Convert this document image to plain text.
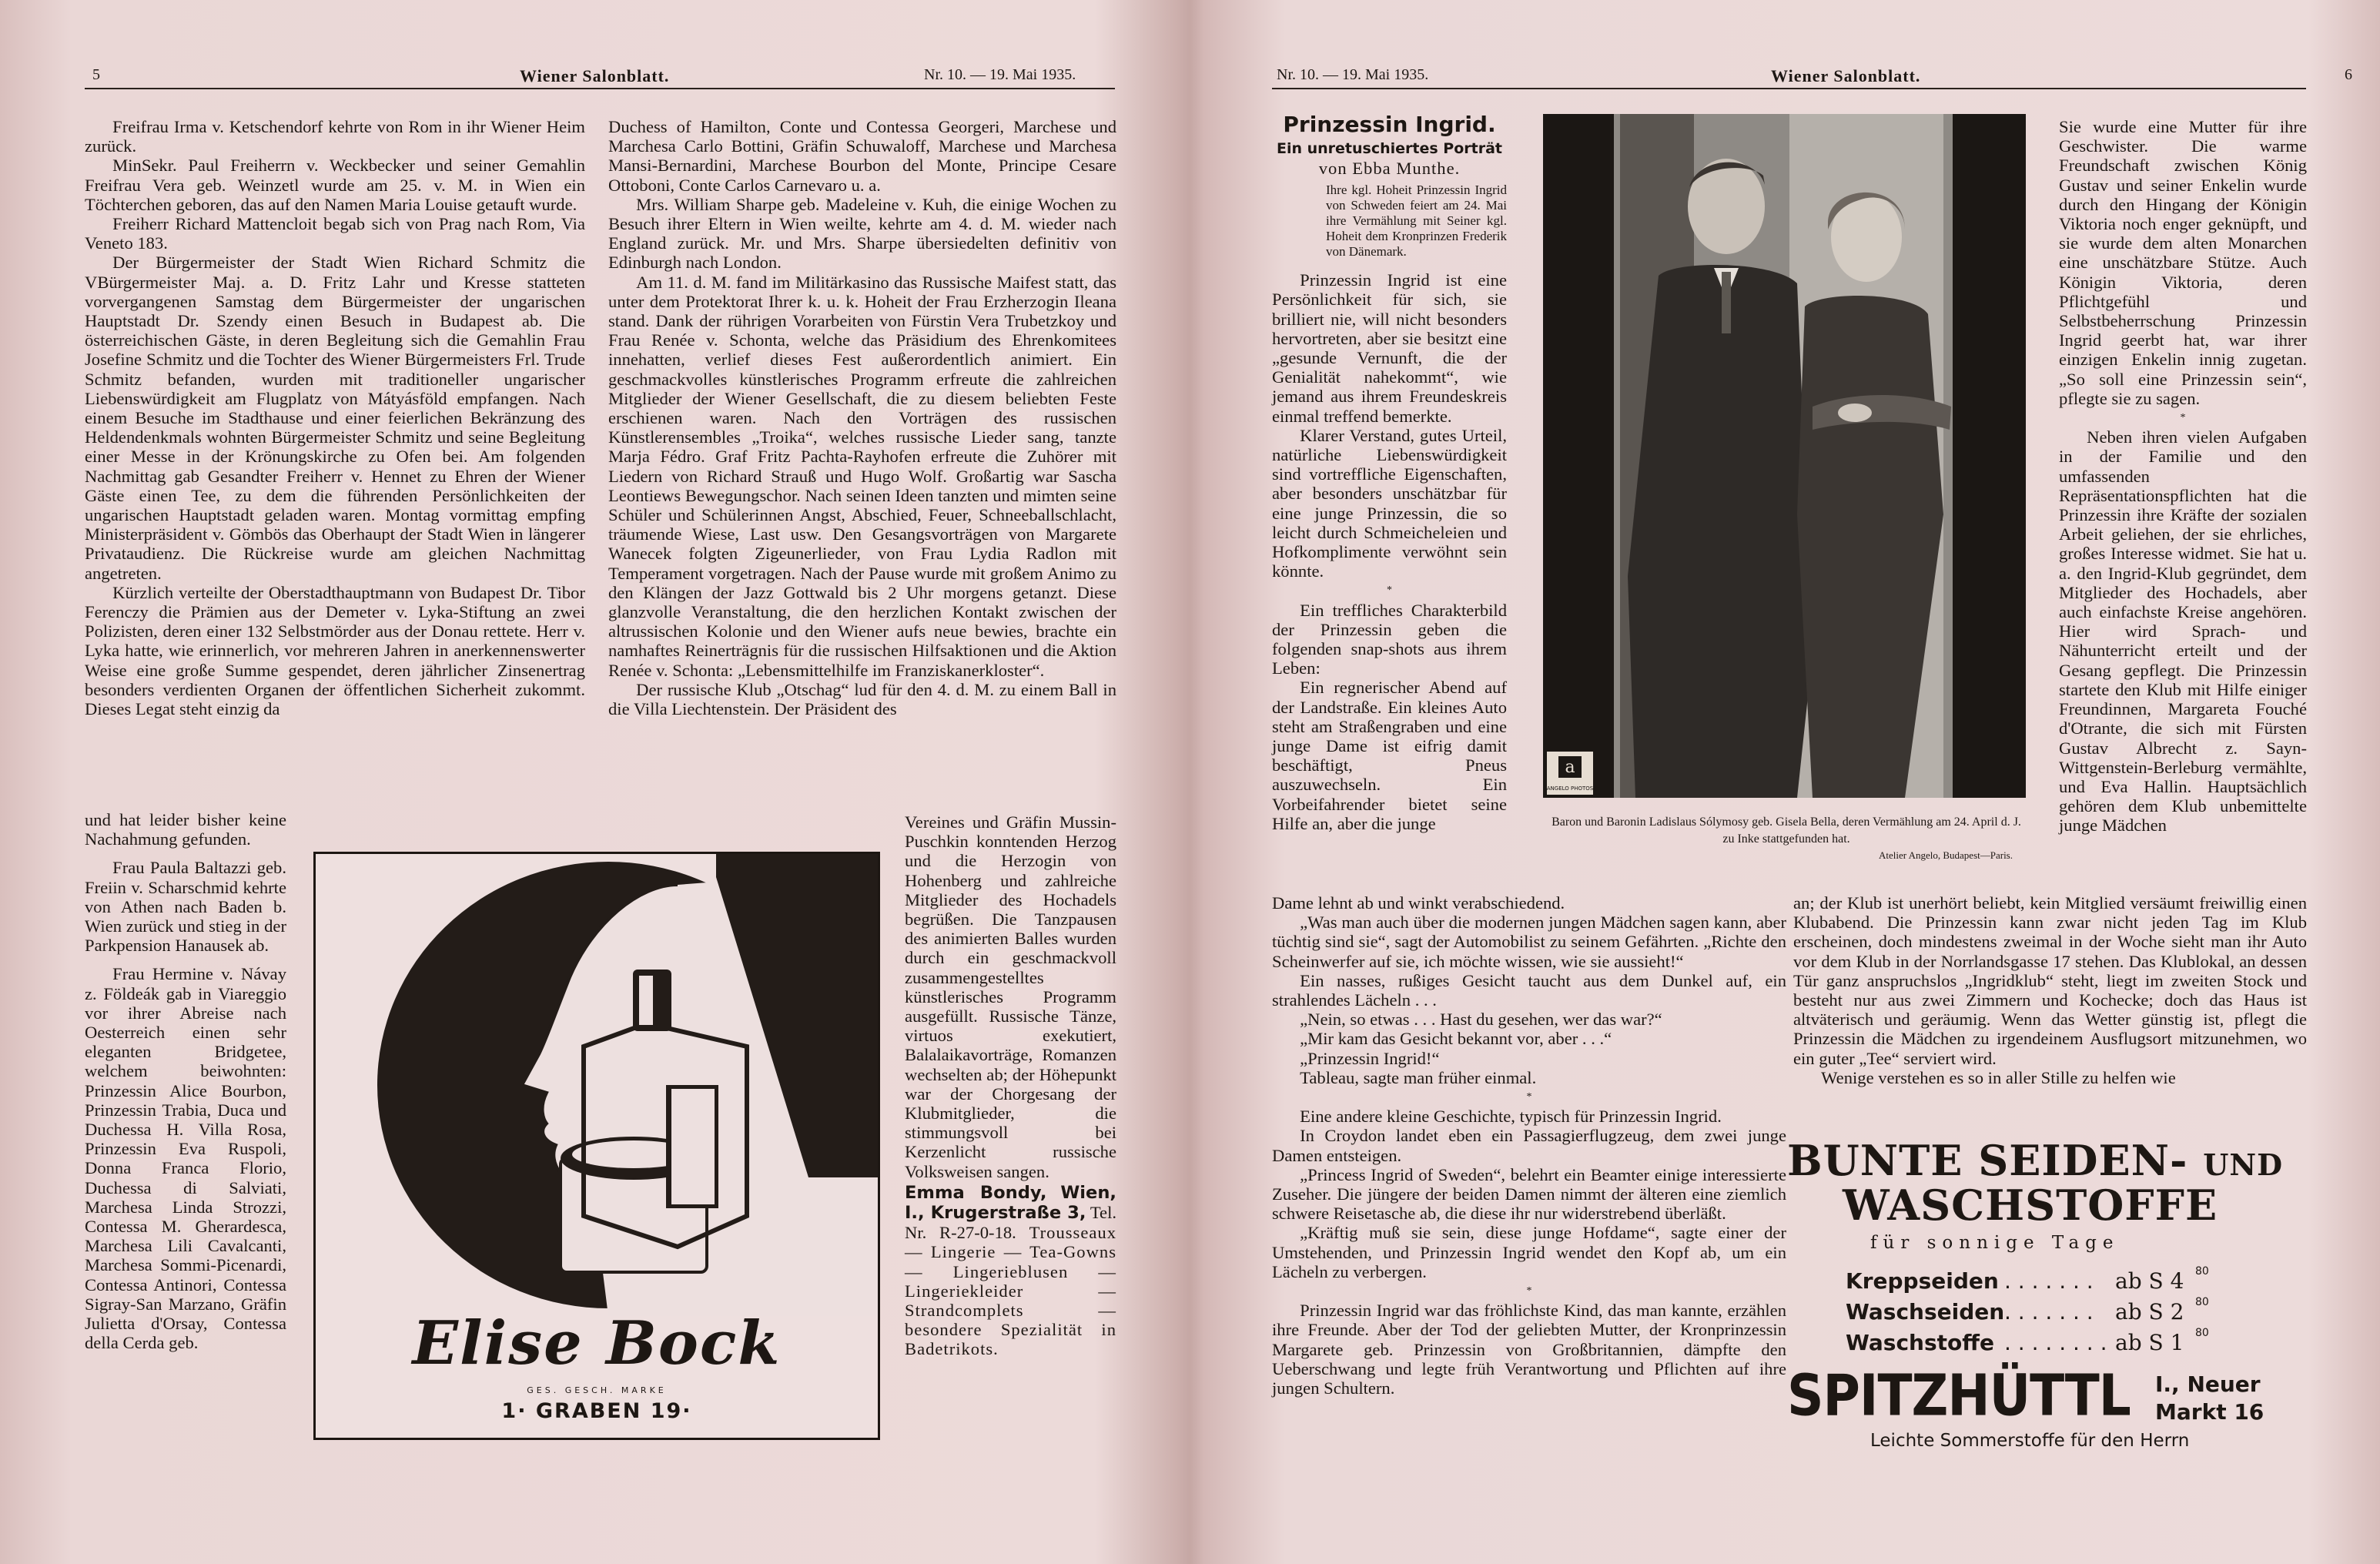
5	Wiener Salonblatt.	Nr. 10. — 19. Mai 1935.

Freifrau Irma v. Ketschendorf kehrte von Rom in ihr Wiener Heim zurück.

MinSekr. Paul Freiherrn v. Weckbecker und seiner Gemahlin Freifrau Vera geb. Weinzetl wurde am 25. v. M. in Wien ein Töchterchen geboren, das auf den Namen Maria Louise getauft wurde.

Freiherr Richard Mattencloit begab sich von Prag nach Rom, Via Veneto 183.

Der Bürgermeister der Stadt Wien Richard Schmitz die VBürgermeister Maj. a. D. Fritz Lahr und Kresse statteten vorvergangenen Samstag dem Bürgermeister der ungarischen Hauptstadt Dr. Szendy einen Besuch in Budapest ab. Die österreichischen Gäste, in deren Begleitung sich die Gemahlin Frau Josefine Schmitz und die Tochter des Wiener Bürgermeisters Frl. Trude Schmitz befanden, wurden mit traditioneller ungarischer Liebenswürdigkeit am Flugplatz von Mátyásföld empfangen. Nach einem Besuche im Stadthause und einer feierlichen Bekränzung des Heldendenkmals wohnten Bürgermeister Schmitz und seine Begleitung einer Messe in der Krönungskirche zu Ofen bei. Am folgenden Nachmittag gab Gesandter Freiherr v. Hennet zu Ehren der Wiener Gäste einen Tee, zu dem die führenden Persönlichkeiten der ungarischen Hauptstadt geladen waren. Montag vormittag empfing Ministerpräsident v. Gömbös das Oberhaupt der Stadt Wien in längerer Privataudienz. Die Rückreise wurde am gleichen Nachmittag angetreten.

Kürzlich verteilte der Oberstadthauptmann von Budapest Dr. Tibor Ferenczy die Prämien aus der Demeter v. Lyka-Stiftung an zwei Polizisten, deren einer 132 Selbstmörder aus der Donau rettete. Herr v. Lyka hatte, wie erinnerlich, vor mehreren Jahren in anerkennenswerter Weise eine große Summe gespendet, deren jährlicher Zinsenertrag besonders verdienten Organen der öffentlichen Sicherheit zukommt. Dieses Legat steht einzig da

und hat leider bisher keine Nachahmung gefunden.

Frau Paula Baltazzi geb. Freiin v. Scharschmid kehrte von Athen nach Baden b. Wien zurück und stieg in der Parkpension Hanausek ab.

Frau Hermine v. Návay z. Földeák gab in Viareggio vor ihrer Abreise nach Oesterreich einen sehr eleganten Bridgetee, welchem beiwohnten: Prinzessin Alice Bourbon, Prinzessin Trabia, Duca und Duchessa H. Villa Rosa, Prinzessin Eva Ruspoli, Donna Franca Florio, Duchessa di Salviati, Marchesa Linda Strozzi, Contessa M. Gherardesca, Marchesa Lili Cavalcanti, Marchesa Sommi-Picenardi, Contessa Antinori, Contessa Sigray-San Marzano, Gräfin Julietta d'Orsay, Contessa della Cerda geb.

Duchess of Hamilton, Conte und Contessa Georgeri, Marchese und Marchesa Carlo Bottini, Gräfin Schuwaloff, Marchese und Marchesa Mansi-Bernardini, Marchese Bourbon del Monte, Principe Cesare Ottoboni, Conte Carlos Carnevaro u. a.

Mrs. William Sharpe geb. Madeleine v. Kuh, die einige Wochen zu Besuch ihrer Eltern in Wien weilte, kehrte am 4. d. M. wieder nach England zurück. Mr. und Mrs. Sharpe übersiedelten definitiv von Edinburgh nach London.

Am 11. d. M. fand im Militärkasino das Russische Maifest statt, das unter dem Protektorat Ihrer k. u. k. Hoheit der Frau Erzherzogin Ileana stand. Dank der rührigen Vorarbeiten von Fürstin Vera Trubetzkoy und Frau Renée v. Schonta, welche das Präsidium des Ehrenkomitees innehatten, verlief dieses Fest außerordentlich animiert. Ein geschmackvolles künstlerisches Programm erfreute die zahlreichen Mitglieder der Wiener Gesellschaft, die zu diesem beliebten Feste erschienen waren. Nach den Vorträgen des russischen Künstlerensembles „Troika“, welches russische Lieder sang, tanzte Marja Fédro. Graf Fritz Pachta-Rayhofen erfreute die Zuhörer mit Liedern von Richard Strauß und Hugo Wolf. Großartig war Sascha Leontiews Bewegungschor. Nach seinen Ideen tanzten und mimten seine Schüler und Schülerinnen Angst, Abschied, Feuer, Schneeballschlacht, träumende Wiese, Last usw. Den Gesangsvorträgen von Margarete Wanecek folgten Zigeunerlieder, von Frau Lydia Radlon mit Temperament vorgetragen. Nach der Pause wurde mit großem Animo zu den Klängen der Jazz Gottwald bis 2 Uhr morgens getanzt. Diese glanzvolle Veranstaltung, die den herzlichen Kontakt zwischen der altrussischen Kolonie und den Wiener aufs neue bewies, brachte ein namhaftes Reinerträgnis für die russischen Hilfsaktionen und die Aktion Renée v. Schonta: „Lebensmittelhilfe im Franziskanerkloster“.

Der russische Klub „Otschag“ lud für den 4. d. M. zu einem Ball in die Villa Liechtenstein. Der Präsident des

Vereines und Gräfin Mussin-Puschkin konntenden Herzog und die Herzogin von Hohenberg und zahlreiche Mitglieder des Hochadels begrüßen. Die Tanzpausen des animierten Balles wurden durch ein geschmackvoll zusammengestelltes künstlerisches Programm ausgefüllt. Russische Tänze, virtuos exekutiert, Balalaikavorträge, Romanzen wechselten ab; der Höhepunkt war der Chorgesang der Klubmitglieder, die stimmungsvoll bei Kerzenlicht russische Volksweisen sangen.

Emma Bondy, Wien, I., Krugerstraße 3, Tel. Nr. R-27-0-18. Trousseaux — Lingerie — Tea-Gowns — Lingerieblusen — Lingeriekleider — Strandcomplets — besondere Spezialität in Badetrikots.

GRUE
Elise Bock
GES. GESCH. MARKE
1· GRABEN 19·
Nr. 10. — 19. Mai 1935.	Wiener Salonblatt.	6
Prinzessin Ingrid.
Ein unretuschiertes Porträt
von Ebba Munthe.
Ihre kgl. Hoheit Prinzessin Ingrid von Schweden feiert am 24. Mai ihre Vermählung mit Seiner kgl. Hoheit dem Kronprinzen Frederik von Dänemark.

Prinzessin Ingrid ist eine Persönlichkeit für sich, sie brilliert nie, will nicht besonders hervortreten, aber sie besitzt eine „gesunde Vernunft, die der Genialität nahekommt“, wie jemand aus ihrem Freundeskreis einmal treffend bemerkte.

Klarer Verstand, gutes Urteil, natürliche Liebenswürdigkeit sind vortreffliche Eigenschaften, aber besonders unschätzbar für eine junge Prinzessin, die so leicht durch Schmeicheleien und Hofkomplimente verwöhnt sein könnte.

*

Ein treffliches Charakterbild der Prinzessin geben die folgenden snap-shots aus ihrem Leben:

Ein regnerischer Abend auf der Landstraße. Ein kleines Auto steht am Straßengraben und eine junge Dame ist eifrig damit beschäftigt, Pneus auszuwechseln. Ein Vorbeifahrender bietet seine Hilfe an, aber die junge

Dame lehnt ab und winkt verabschiedend.

„Was man auch über die modernen jungen Mädchen sagen kann, aber tüchtig sind sie“, sagt der Automobilist zu seinem Gefährten. „Richte den Scheinwerfer auf sie, ich möchte wissen, wie sie aussieht!“

Ein nasses, rußiges Gesicht taucht aus dem Dunkel auf, ein strahlendes Lächeln . . .

„Nein, so etwas . . . Hast du gesehen, wer das war?“

„Mir kam das Gesicht bekannt vor, aber . . .“

„Prinzessin Ingrid!“

Tableau, sagte man früher einmal.

*

Eine andere kleine Geschichte, typisch für Prinzessin Ingrid.

In Croydon landet eben ein Passagierflugzeug, dem zwei junge Damen entsteigen.

„Princess Ingrid of Sweden“, belehrt ein Beamter einige interessierte Zuseher. Die jüngere der beiden Damen nimmt der älteren eine ziemlich schwere Reisetasche ab, die diese ihr nur widerstrebend überläßt.

„Kräftig muß sie sein, diese junge Hofdame“, sagte einer der Umstehenden, und Prinzessin Ingrid wendet den Kopf ab, um ein Lächeln zu verbergen.

*

Prinzessin Ingrid war das fröhlichste Kind, das man kannte, erzählen ihre Freunde. Aber der Tod der geliebten Mutter, der Kronprinzessin Margarete geb. Prinzessin von Großbritannien, dämpfte den Ueberschwang und legte früh Verantwortung und Pflichten auf ihre jungen Schultern.

Sie wurde eine Mutter für ihre Geschwister. Die warme Freundschaft zwischen König Gustav und seiner Enkelin wurde durch den Hingang der Königin Viktoria noch enger geknüpft, und sie wurde dem alten Monarchen eine unschätzbare Stütze. Auch Königin Viktoria, deren Pflichtgefühl und Selbstbeherrschung Prinzessin Ingrid geerbt hat, war ihrer einzigen Enkelin innig zugetan. „So soll eine Prinzessin sein“, pflegte sie zu sagen.

*

Neben ihren vielen Aufgaben in der Familie und den umfassenden Repräsentationspflichten hat die Prinzessin ihre Kräfte der sozialen Arbeit geliehen, der sie ehrliches, großes Interesse widmet. Sie hat u. a. den Ingrid-Klub gegründet, dem Mitglieder des Hochadels, aber auch einfachste Kreise angehören. Hier wird Sprach- und Nähunterricht erteilt und der Gesang gepflegt. Die Prinzessin startete den Klub mit Hilfe einiger Freundinnen, Margareta Fouché d'Otrante, die sich mit Fürsten Gustav Albrecht z. Sayn-Wittgenstein-Berleburg vermählte, und Eva Hallin. Hauptsächlich gehören dem Klub unbemittelte junge Mädchen

an; der Klub ist unerhört beliebt, kein Mitglied versäumt freiwillig einen Klubabend. Die Prinzessin kann zwar nicht jeden Tag im Klub erscheinen, doch mindestens zweimal in der Woche sieht man ihr Auto vor dem Klub in der Norrlandsgasse 17 stehen. Das Klublokal, an dessen Tür ganz anspruchslos „Ingridklub“ steht, liegt im zweiten Stock und besteht nur aus zwei Zimmern und Kochecke; doch das Haus ist altväterisch und geräumig. Wenn das Wetter günstig ist, pflegt die Prinzessin die Mädchen zu irgendeinem Ausflugsort mitzunehmen, wo ein guter „Tee“ serviert wird.

Wenige verstehen es so in aller Stille zu helfen wie

BUNTE SEIDEN- UND
WASCHSTOFFE
für sonnige Tage
Kreppseiden . . . . . . . ab S 4 80
Waschseiden . . . . . . . ab S 2 80
Waschstoffe . . . . . . . . ab S 1 80
SPITZHÜTTL I., Neuer
Markt 16
Leichte Sommerstoffe für den Herrn
a
ANGELO PHOTOS
Baron und Baronin Ladislaus Sólymosy geb. Gisela Bella, deren Vermählung am 24. April d. J. zu Inke stattgefunden hat.
Atelier Angelo, Budapest—Paris.
